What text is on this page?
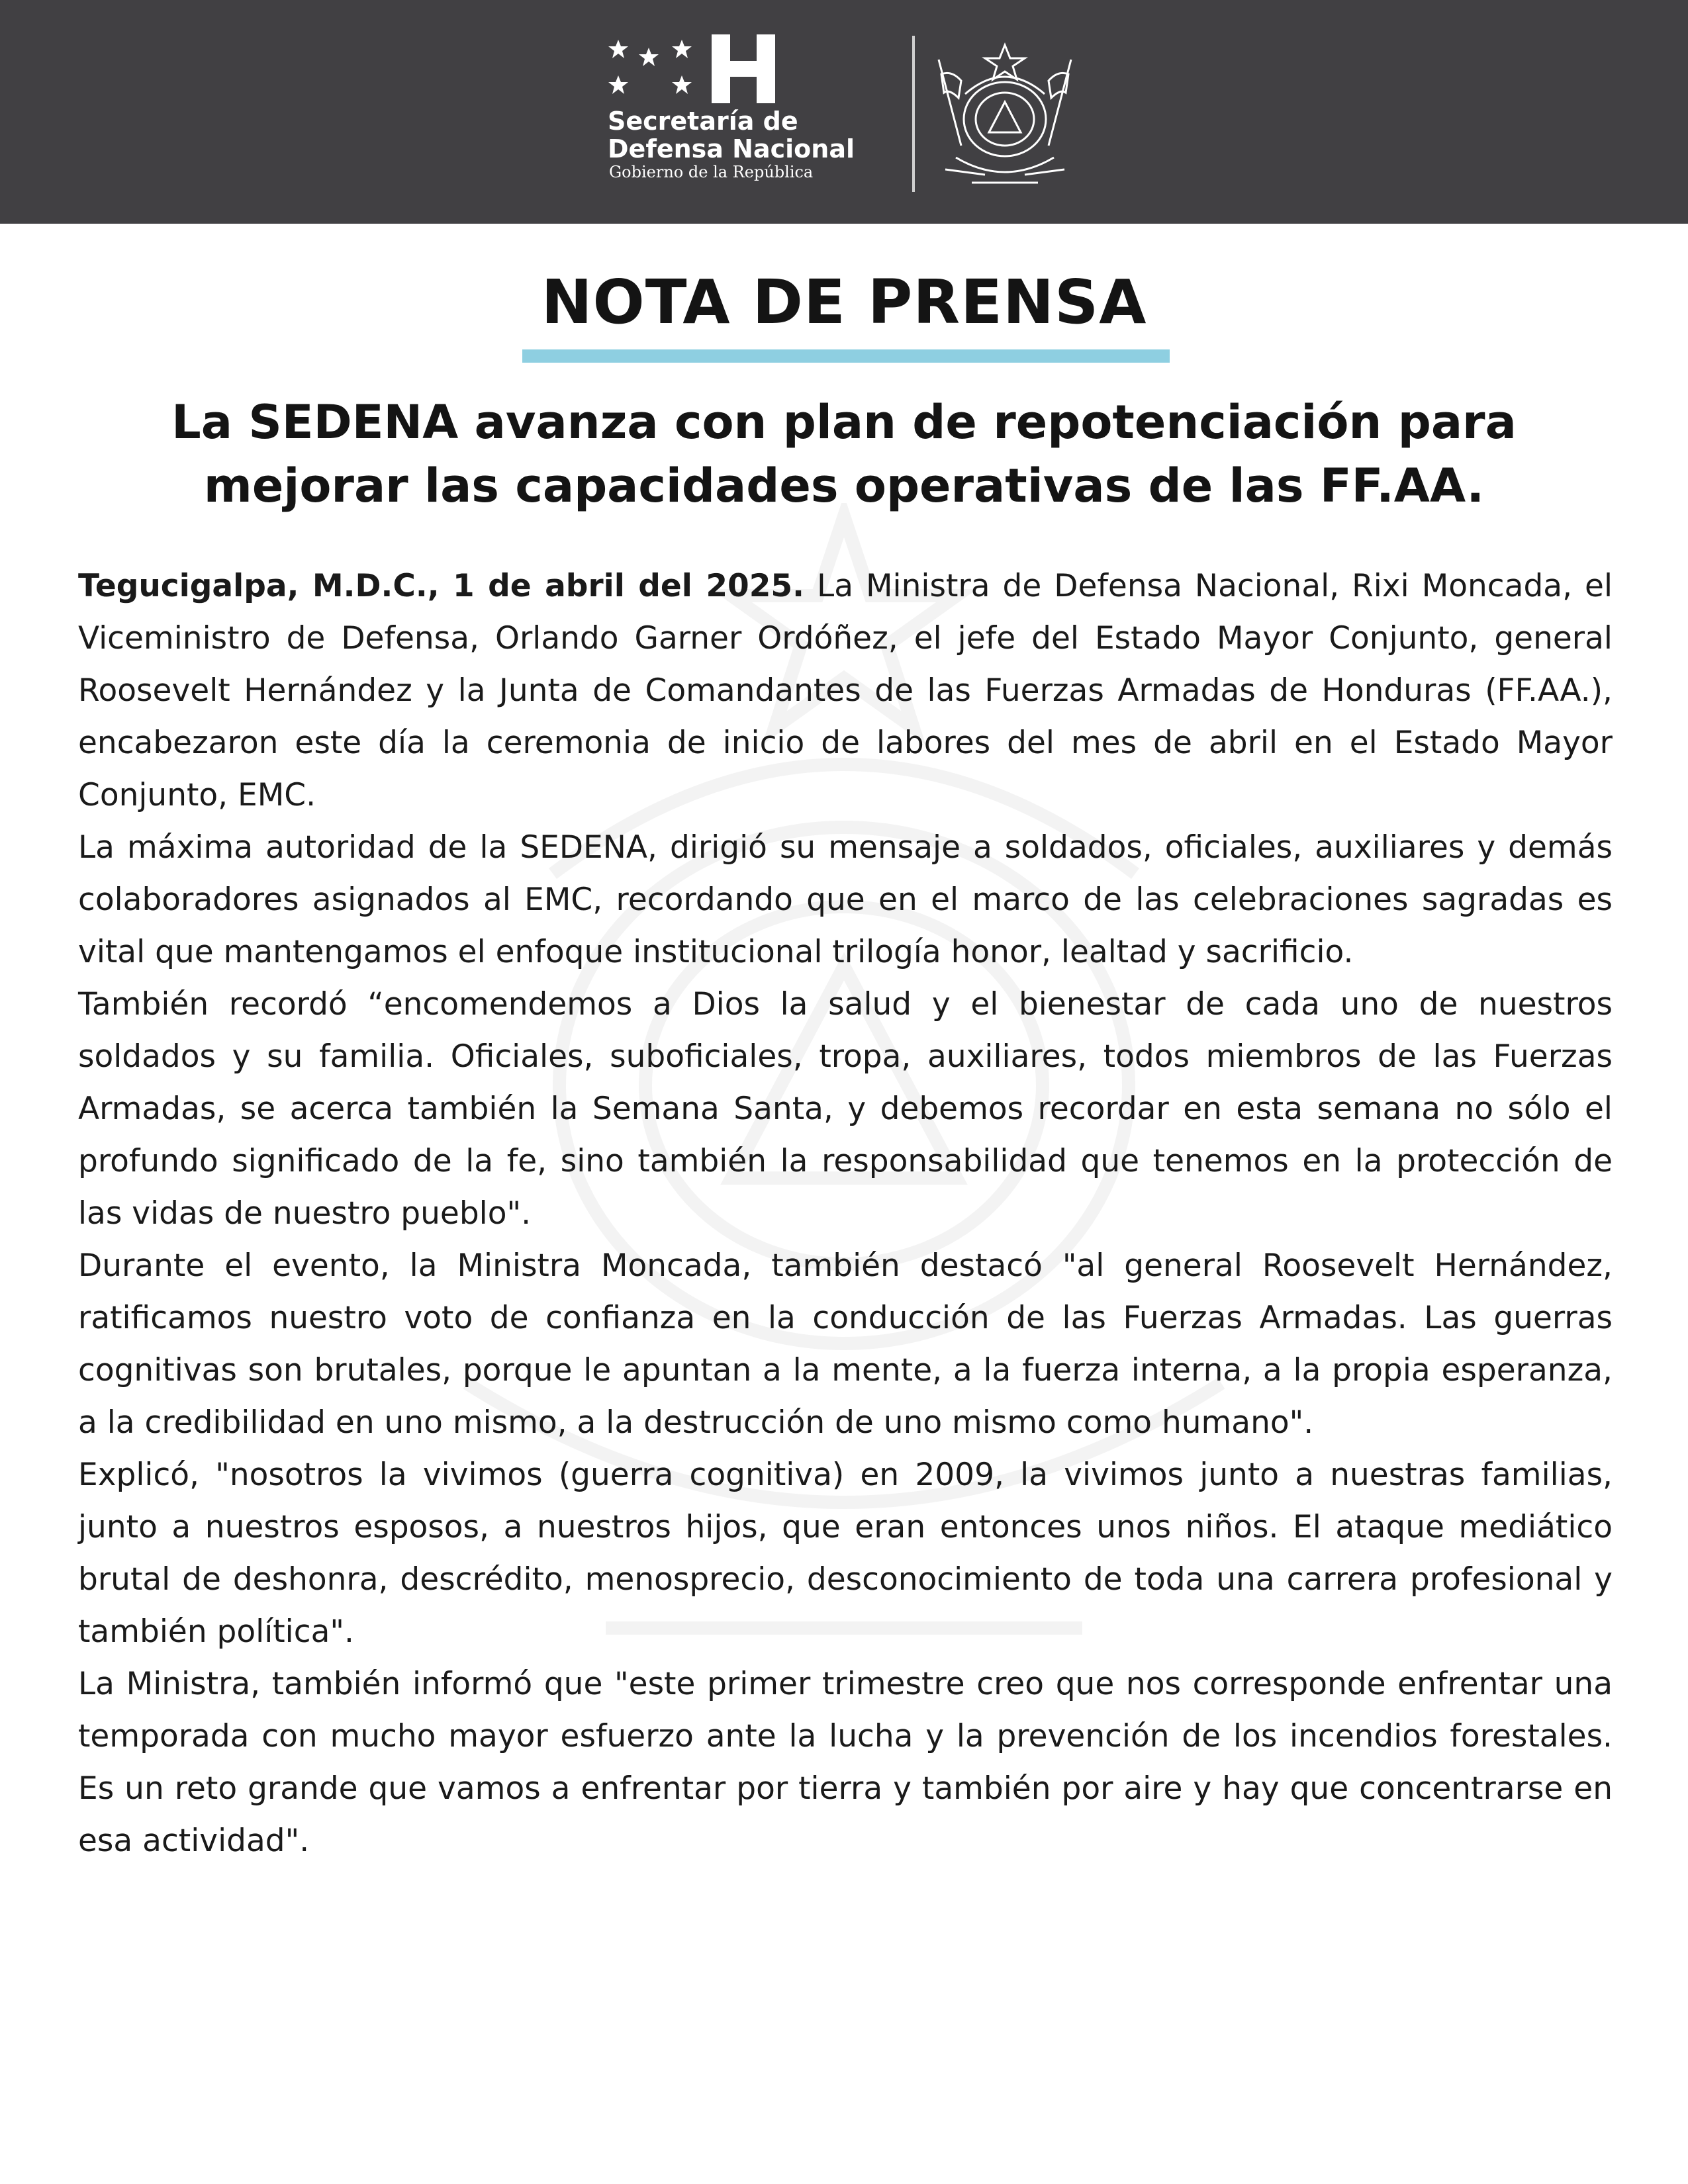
Secretaría de
Defensa Nacional
Gobierno de la República
NOTA DE PRENSA
La SEDENA avanza con plan de repotenciación para
mejorar las capacidades operativas de las FF.AA.

Tegucigalpa, M.D.C., 1 de abril del 2025. La Ministra de Defensa Nacional, Rixi Moncada, el Viceministro de Defensa, Orlando Garner Ordóñez, el jefe del Estado Mayor Conjunto, general Roosevelt Hernández y la Junta de Comandantes de las Fuerzas Armadas de Honduras (FF.AA.), encabezaron este día la ceremonia de inicio de labores del mes de abril en el Estado Mayor Conjunto, EMC.

La máxima autoridad de la SEDENA, dirigió su mensaje a soldados, oficiales, auxiliares y demás colaboradores asignados al EMC, recordando que en el marco de las celebraciones sagradas es vital que mantengamos el enfoque institucional trilogía honor, lealtad y sacrificio.

También recordó “encomendemos a Dios la salud y el bienestar de cada uno de nuestros soldados y su familia. Oficiales, suboficiales, tropa, auxiliares, todos miembros de las Fuerzas Armadas, se acerca también la Semana Santa, y debemos recordar en esta semana no sólo el profundo significado de la fe, sino también la responsabilidad que tenemos en la protección de las vidas de nuestro pueblo".

Durante el evento, la Ministra Moncada, también destacó "al general Roosevelt Hernández, ratificamos nuestro voto de confianza en la conducción de las Fuerzas Armadas. Las guerras cognitivas son brutales, porque le apuntan a la mente, a la fuerza interna, a la propia esperanza, a la credibilidad en uno mismo, a la destrucción de uno mismo como humano".

Explicó, "nosotros la vivimos (guerra cognitiva) en 2009, la vivimos junto a nuestras familias, junto a nuestros esposos, a nuestros hijos, que eran entonces unos niños. El ataque mediático brutal de deshonra, descrédito, menosprecio, desconocimiento de toda una carrera profesional y también política".

La Ministra, también informó que "este primer trimestre creo que nos corresponde enfrentar una temporada con mucho mayor esfuerzo ante la lucha y la prevención de los incendios forestales. Es un reto grande que vamos a enfrentar por tierra y también por aire y hay que concentrarse en esa actividad".
